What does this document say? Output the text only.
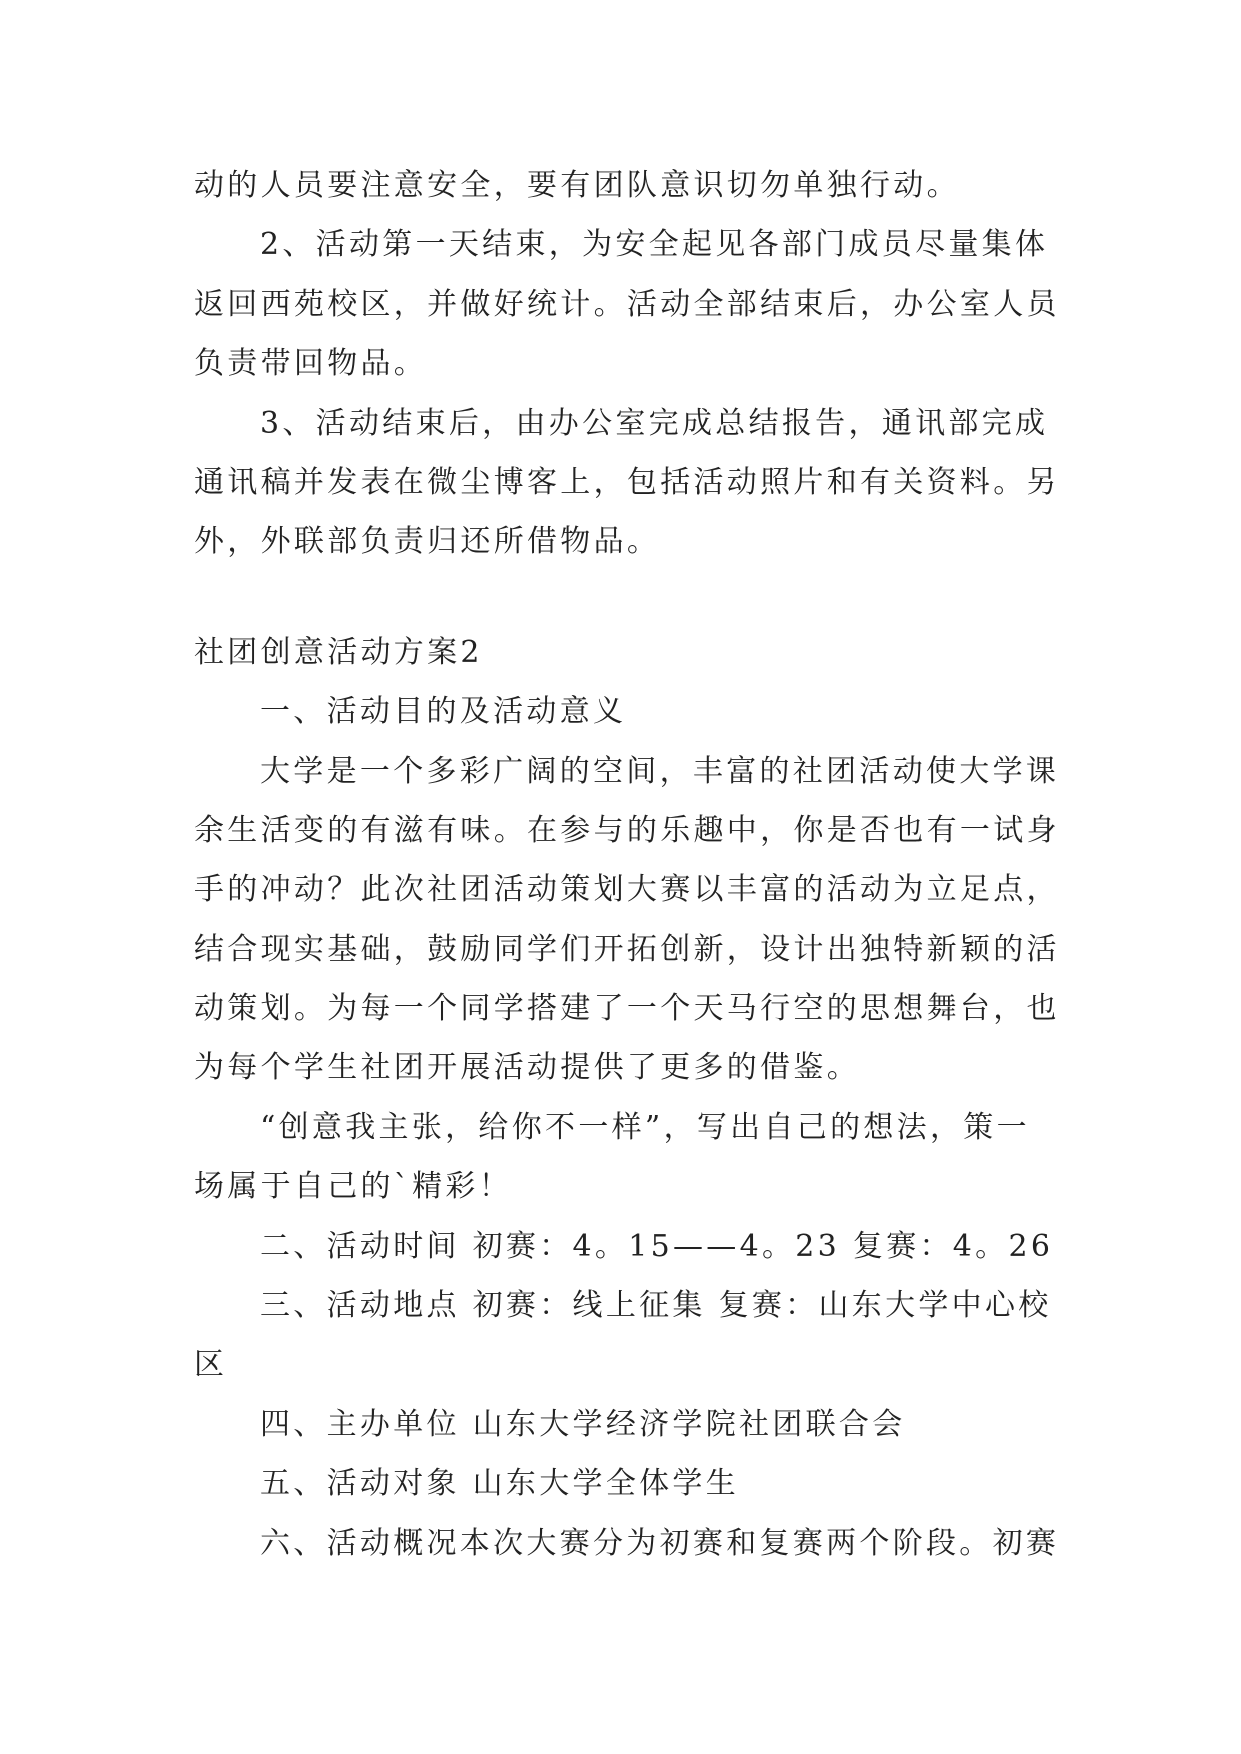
动的人员要注意安全，要有团队意识切勿单独行动。
2、活动第一天结束，为安全起见各部门成员尽量集体
返回西苑校区，并做好统计。活动全部结束后，办公室人员
负责带回物品。
3、活动结束后，由办公室完成总结报告，通讯部完成
通讯稿并发表在微尘博客上，包括活动照片和有关资料。另
外，外联部负责归还所借物品。
社团创意活动方案2
一、活动目的及活动意义
大学是一个多彩广阔的空间，丰富的社团活动使大学课
余生活变的有滋有味。在参与的乐趣中，你是否也有一试身
手的冲动？此次社团活动策划大赛以丰富的活动为立足点，
结合现实基础，鼓励同学们开拓创新，设计出独特新颖的活
动策划。为每一个同学搭建了一个天马行空的思想舞台，也
为每个学生社团开展活动提供了更多的借鉴。
“创意我主张，给你不一样”，写出自己的想法，策一
场属于自己的`精彩！
二、活动时间 初赛：4。15——4。23 复赛：4。26
三、活动地点 初赛：线上征集 复赛：山东大学中心校
区
四、主办单位 山东大学经济学院社团联合会
五、活动对象 山东大学全体学生
六、活动概况本次大赛分为初赛和复赛两个阶段。初赛
